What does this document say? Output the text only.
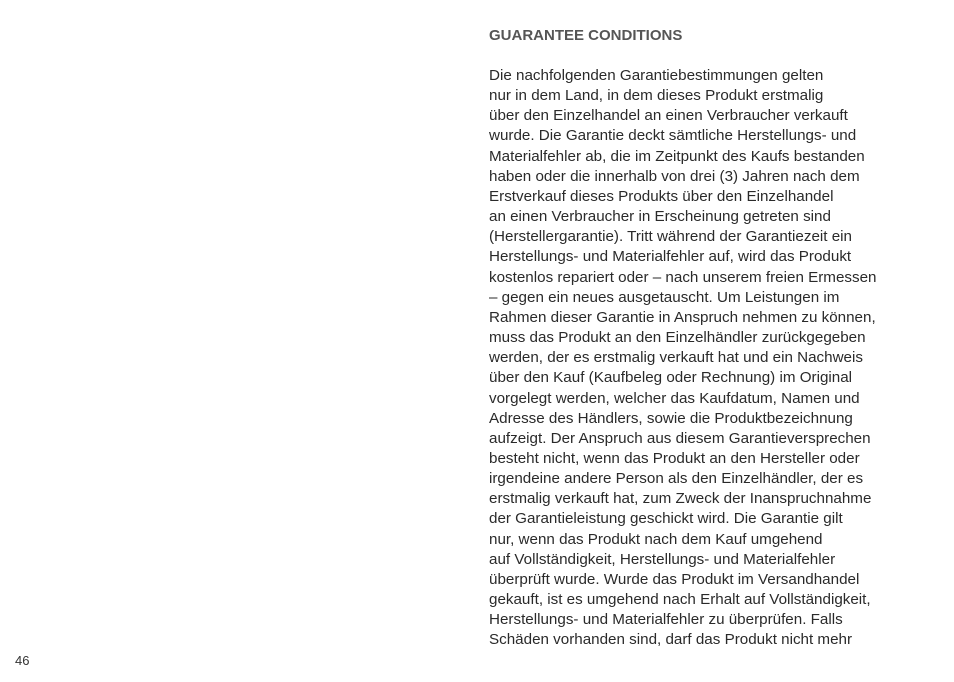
46
GUARANTEE CONDITIONS
Die nachfolgenden Garantiebestimmungen gelten
nur in dem Land, in dem dieses Produkt erstmalig
über den Einzelhandel an einen Verbraucher verkauft
wurde. Die Garantie deckt sämtliche Herstellungs- und
Materialfehler ab, die im Zeitpunkt des Kaufs bestanden
haben oder die innerhalb von drei (3) Jahren nach dem
Erstverkauf dieses Produkts über den Einzelhandel
an einen Verbraucher in Erscheinung getreten sind
(Herstellergarantie). Tritt während der Garantiezeit ein
Herstellungs- und Materialfehler auf, wird das Produkt
kostenlos repariert oder – nach unserem freien Ermessen
– gegen ein neues ausgetauscht. Um Leistungen im
Rahmen dieser Garantie in Anspruch nehmen zu können,
muss das Produkt an den Einzelhändler zurückgegeben
werden, der es erstmalig verkauft hat und ein Nachweis
über den Kauf (Kaufbeleg oder Rechnung) im Original
vorgelegt werden, welcher das Kaufdatum, Namen und
Adresse des Händlers, sowie die Produktbezeichnung
aufzeigt. Der Anspruch aus diesem Garantieversprechen
besteht nicht, wenn das Produkt an den Hersteller oder
irgendeine andere Person als den Einzelhändler, der es
erstmalig verkauft hat, zum Zweck der Inanspruchnahme
der Garantieleistung geschickt wird. Die Garantie gilt
nur, wenn das Produkt nach dem Kauf umgehend
auf Vollständigkeit, Herstellungs- und Materialfehler
überprüft wurde. Wurde das Produkt im Versandhandel
gekauft, ist es umgehend nach Erhalt auf Vollständigkeit,
Herstellungs- und Materialfehler zu überprüfen. Falls
Schäden vorhanden sind, darf das Produkt nicht mehr
